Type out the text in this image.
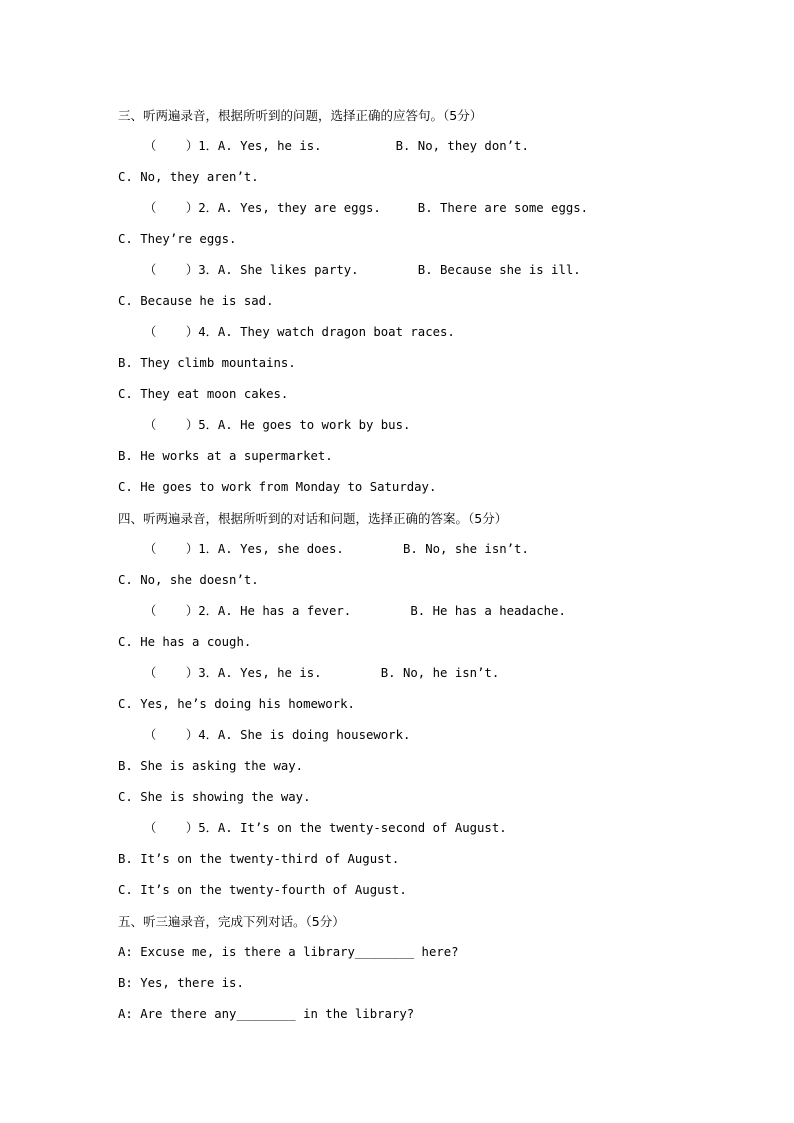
三、听两遍录音，根据所听到的问题，选择正确的应答句。（5分）
（    ）1．A. Yes, he is.          B. No, they don’t.
C. No, they aren’t.
（    ）2．A. Yes, they are eggs.     B. There are some eggs.
C. They’re eggs.
（    ）3．A. She likes party.        B. Because she is ill.
C. Because he is sad.
（    ）4．A. They watch dragon boat races.
B. They climb mountains.
C. They eat moon cakes.
（    ）5．A. He goes to work by bus.
B. He works at a supermarket.
C. He goes to work from Monday to Saturday.
四、听两遍录音，根据所听到的对话和问题，选择正确的答案。（5分）
（    ）1．A. Yes, she does.        B. No, she isn’t.
C. No, she doesn’t.
（    ）2．A. He has a fever.        B. He has a headache.
C. He has a cough.
（    ）3．A. Yes, he is.        B. No, he isn’t.
C. Yes, he’s doing his homework.
（    ）4．A. She is doing housework.
B. She is asking the way.
C. She is showing the way.
（    ）5．A. It’s on the twenty-second of August.
B. It’s on the twenty-third of August.
C. It’s on the twenty-fourth of August.
五、听三遍录音，完成下列对话。（5分）
A: Excuse me, is there a library________ here?
B: Yes, there is.
A: Are there any________ in the library?
